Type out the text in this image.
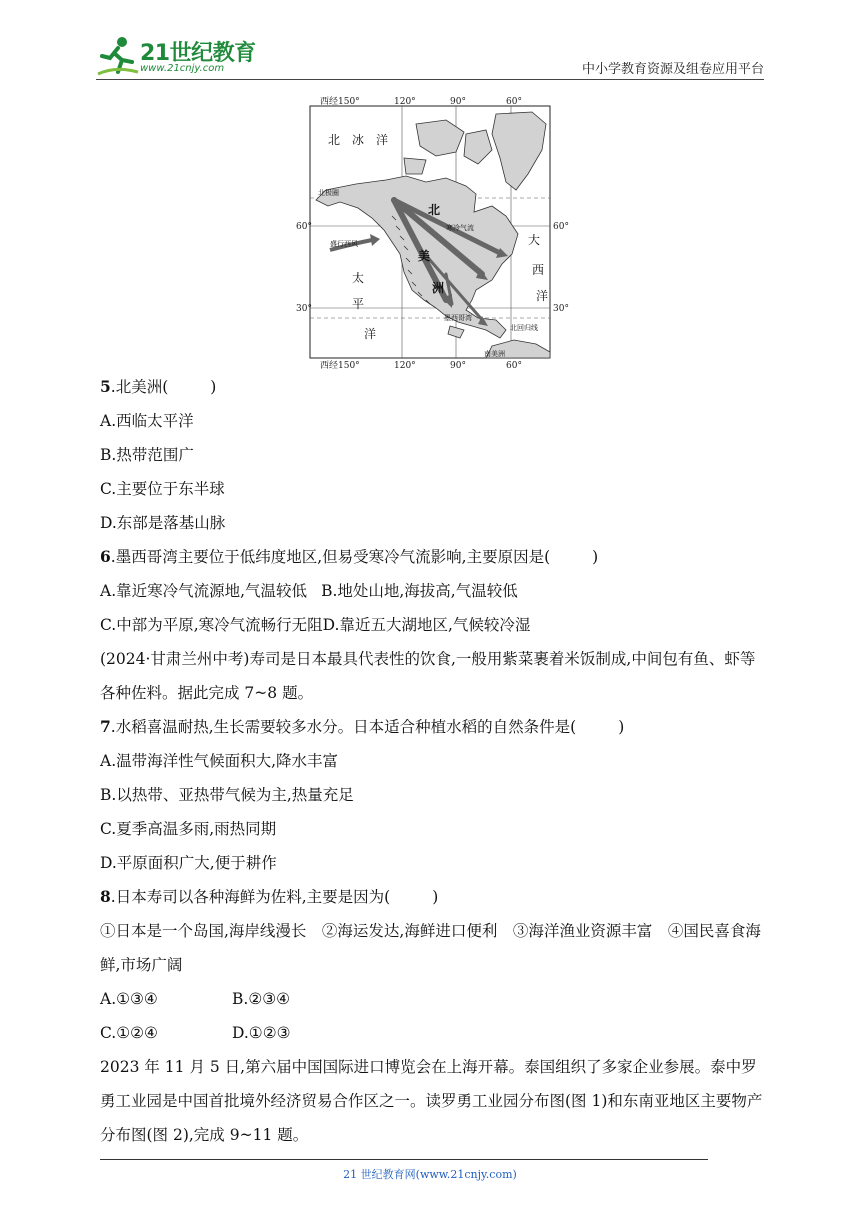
21世纪教育
www.21cnjy.com	中小学教育资源及组卷应用平台
西经150°	120°	90°	60°
西经150°	120°	90°	60°
60°
30°
60°
30°
北 冰 洋
北
美
洲
太
平
洋
大
西
洋
北极圈
盛行西风
寒冷气流
墨西哥湾
北回归线
南美洲
5.北美洲(	)
A.西临太平洋
B.热带范围广
C.主要位于东半球
D.东部是落基山脉
6.墨西哥湾主要位于低纬度地区,但易受寒冷气流影响,主要原因是(	)
A.靠近寒冷气流源地,气温较低 B.地处山地,海拔高,气温较低
C.中部为平原,寒冷气流畅行无阻D.靠近五大湖地区,气候较冷湿
(2024·甘肃兰州中考)寿司是日本最具代表性的饮食,一般用紫菜裹着米饭制成,中间包有鱼、虾等各种佐料。据此完成 7~8 题。
7.水稻喜温耐热,生长需要较多水分。日本适合种植水稻的自然条件是(	)
A.温带海洋性气候面积大,降水丰富
B.以热带、亚热带气候为主,热量充足
C.夏季高温多雨,雨热同期
D.平原面积广大,便于耕作
8.日本寿司以各种海鲜为佐料,主要是因为(	)
①日本是一个岛国,海岸线漫长　②海运发达,海鲜进口便利　③海洋渔业资源丰富　④国民喜食海鲜,市场广阔
A.①③④	B.②③④
C.①②④	D.①②③
2023 年 11 月 5 日,第六届中国国际进口博览会在上海开幕。泰国组织了多家企业参展。泰中罗勇工业园是中国首批境外经济贸易合作区之一。读罗勇工业园分布图(图 1)和东南亚地区主要物产分布图(图 2),完成 9~11 题。
21 世纪教育网(www.21cnjy.com)
